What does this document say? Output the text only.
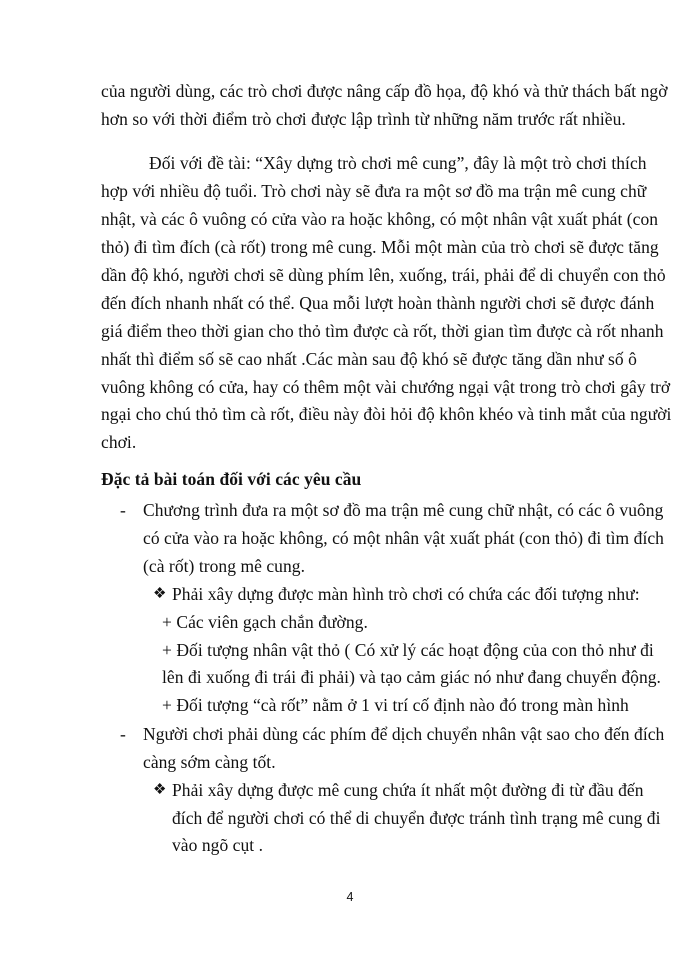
của người dùng, các trò chơi được nâng cấp đồ họa, độ khó và thử thách bất ngờ
hơn so với thời điểm trò chơi được lập trình từ những năm trước rất nhiều.
Đối với đề tài: “Xây dựng trò chơi mê cung”, đây là một trò chơi thích
hợp với nhiều độ tuổi. Trò chơi này sẽ đưa ra một sơ đồ ma trận mê cung chữ
nhật, và các ô vuông có cửa vào ra hoặc không, có một nhân vật xuất phát (con
thỏ) đi tìm đích (cà rốt) trong mê cung. Mỗi một màn của trò chơi sẽ được tăng
dần độ khó, người chơi sẽ dùng phím lên, xuống, trái, phải để di chuyển con thỏ
đến đích nhanh nhất có thể. Qua mỗi lượt hoàn thành người chơi sẽ được đánh
giá điểm theo thời gian cho thỏ tìm được cà rốt, thời gian tìm được cà rốt nhanh
nhất thì điểm số sẽ cao nhất .Các màn sau độ khó sẽ được tăng dần như số ô
vuông không có cửa, hay có thêm một vài chướng ngại vật trong trò chơi gây trở
ngại cho chú thỏ tìm cà rốt, điều này đòi hỏi độ khôn khéo và tinh mắt của người
chơi.
Đặc tả bài toán đối với các yêu cầu
- Chương trình đưa ra một sơ đồ ma trận mê cung chữ nhật, có các ô vuông
có cửa vào ra hoặc không, có một nhân vật xuất phát (con thỏ) đi tìm đích
(cà rốt) trong mê cung.
❖ Phải xây dựng được màn hình trò chơi có chứa các đối tượng như:
+ Các viên gạch chắn đường.
+ Đối tượng nhân vật thỏ ( Có xử lý các hoạt động của con thỏ như đi
lên đi xuống đi trái đi phải) và tạo cảm giác nó như đang chuyển động.
+ Đối tượng “cà rốt” nằm ở 1 vi trí cố định nào đó trong màn hình
- Người chơi phải dùng các phím để dịch chuyển nhân vật sao cho đến đích
càng sớm càng tốt.
❖ Phải xây dựng được mê cung chứa ít nhất một đường đi từ đầu đến
đích để người chơi có thể di chuyển được tránh tình trạng mê cung đi
vào ngõ cụt .
4
